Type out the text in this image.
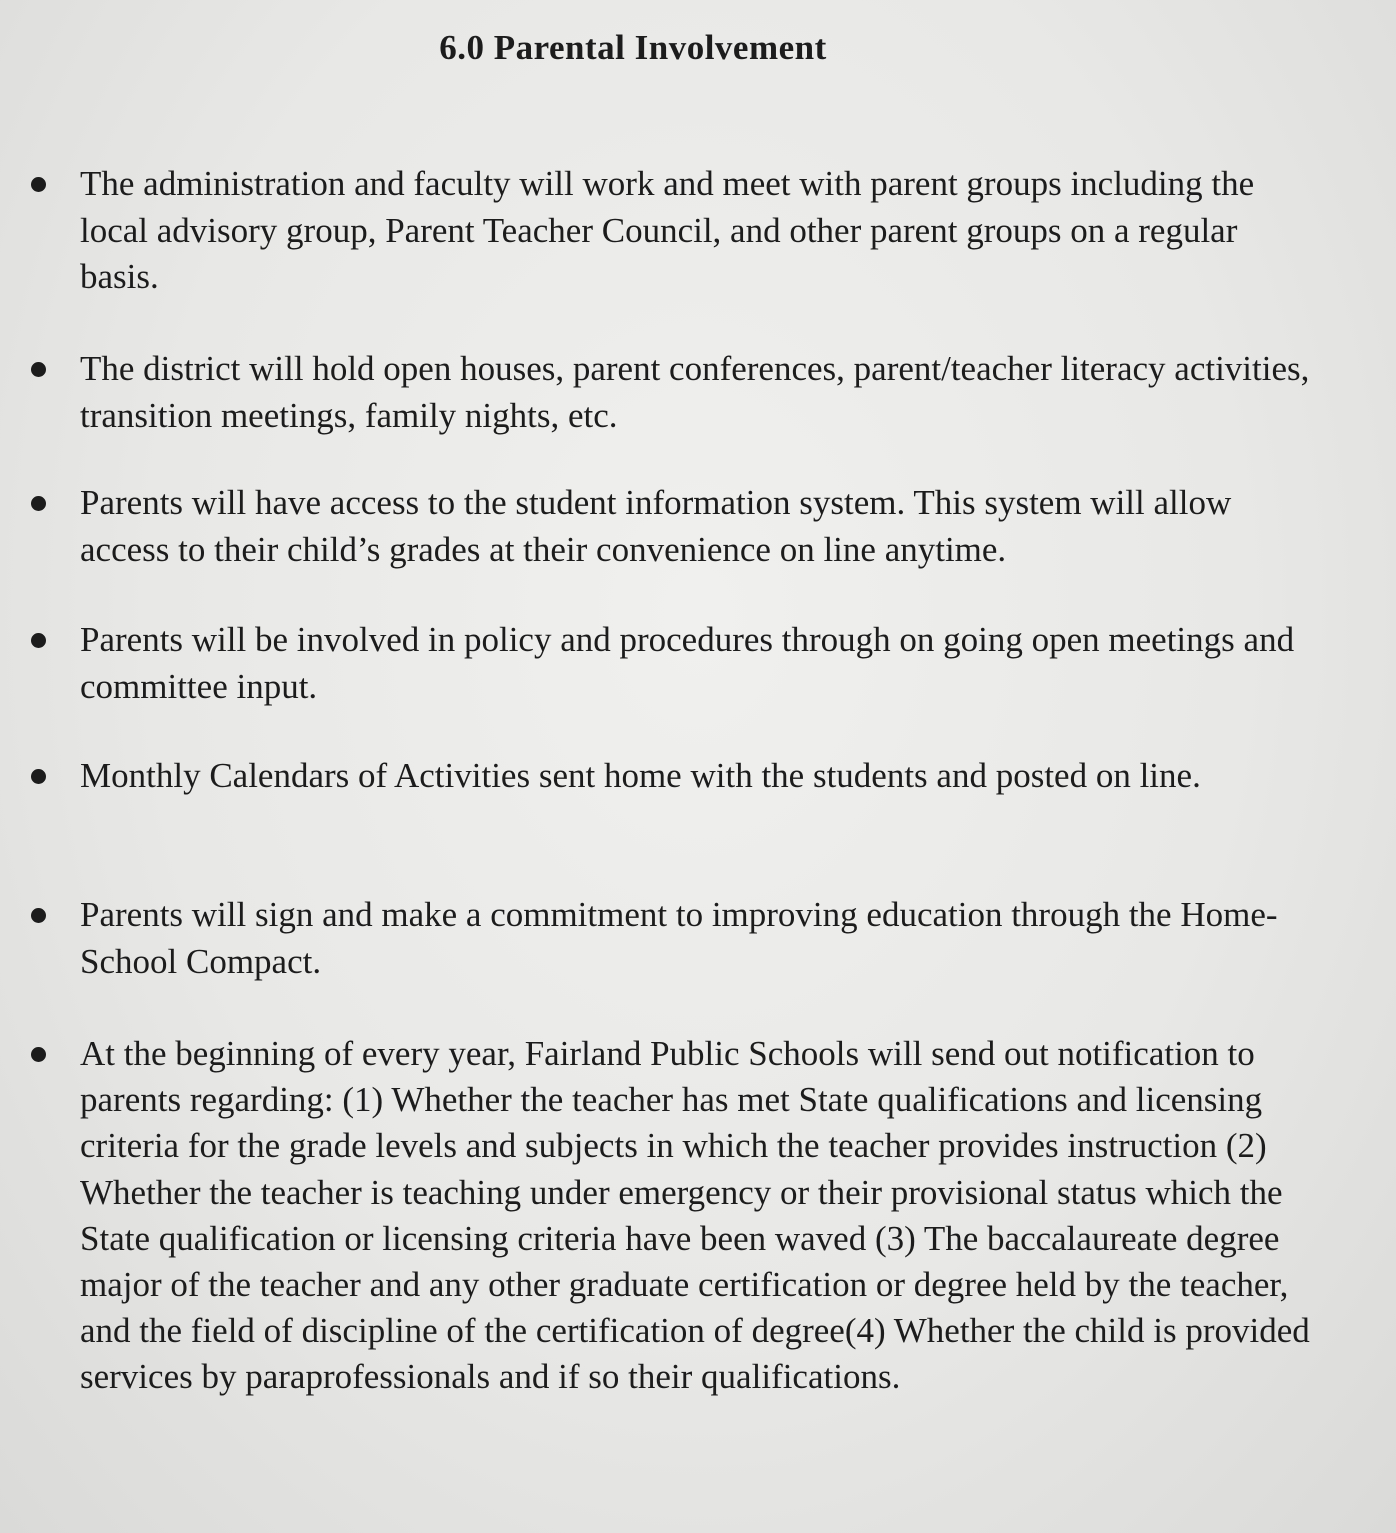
6.0 Parental Involvement
The administration and faculty will work and meet with parent groups including the local advisory group, Parent Teacher Council, and other parent groups on a regular basis.
The district will hold open houses, parent conferences, parent/teacher literacy activities, transition meetings, family nights, etc.
Parents will have access to the student information system. This system will allow access to their child’s grades at their convenience on line anytime.
Parents will be involved in policy and procedures through on going open meetings and committee input.
Monthly Calendars of Activities sent home with the students and posted on line.
Parents will sign and make a commitment to improving education through the Home- School Compact.
At the beginning of every year, Fairland Public Schools will send out notification to parents regarding: (1) Whether the teacher has met State qualifications and licensing criteria for the grade levels and subjects in which the teacher provides instruction (2) Whether the teacher is teaching under emergency or their provisional status which the State qualification or licensing criteria have been waved (3) The baccalaureate degree major of the teacher and any other graduate certification or degree held by the teacher, and the field of discipline of the certification of degree(4) Whether the child is provided services by paraprofessionals and if so their qualifications.
